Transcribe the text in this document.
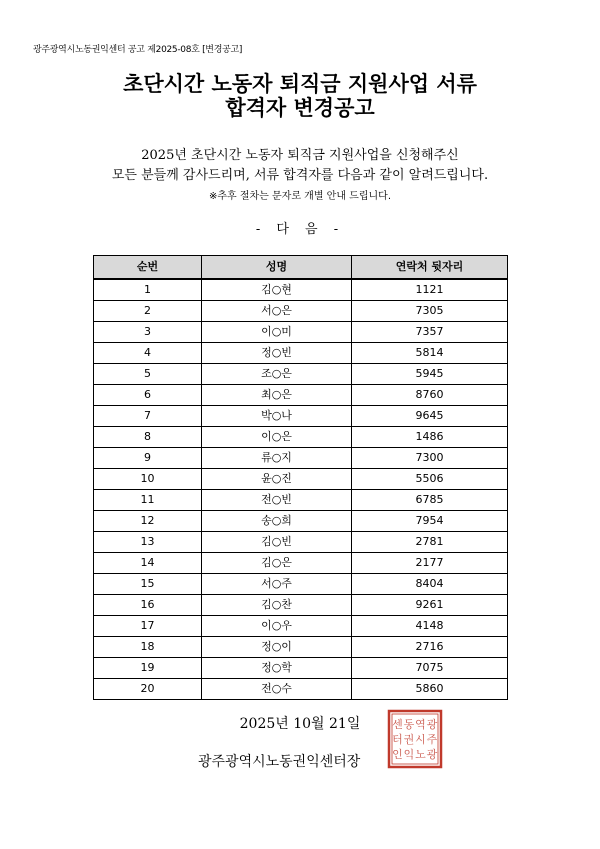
광주광역시노동권익센터 공고 제2025-08호 [변경공고]
초단시간 노동자 퇴직금 지원사업 서류
합격자 변경공고
2025년 초단시간 노동자 퇴직금 지원사업을 신청해주신
모든 분들께 감사드리며, 서류 합격자를 다음과 같이 알려드립니다.
※추후 절차는 문자로 개별 안내 드립니다.
- 다 음 -
순번	성명	연락처 뒷자리
1	김○현	1121
2	서○은	7305
3	이○미	7357
4	정○빈	5814
5	조○은	5945
6	최○은	8760
7	박○나	9645
8	이○은	1486
9	류○지	7300
10	윤○진	5506
11	전○빈	6785
12	송○희	7954
13	김○빈	2781
14	김○은	2177
15	서○주	8404
16	김○찬	9261
17	이○우	4148
18	정○이	2716
19	정○학	7075
20	전○수	5860
2025년 10월 21일
광주광역시노동권익센터장
광
주
광
역
시
노
동
권
익
센
터
인
